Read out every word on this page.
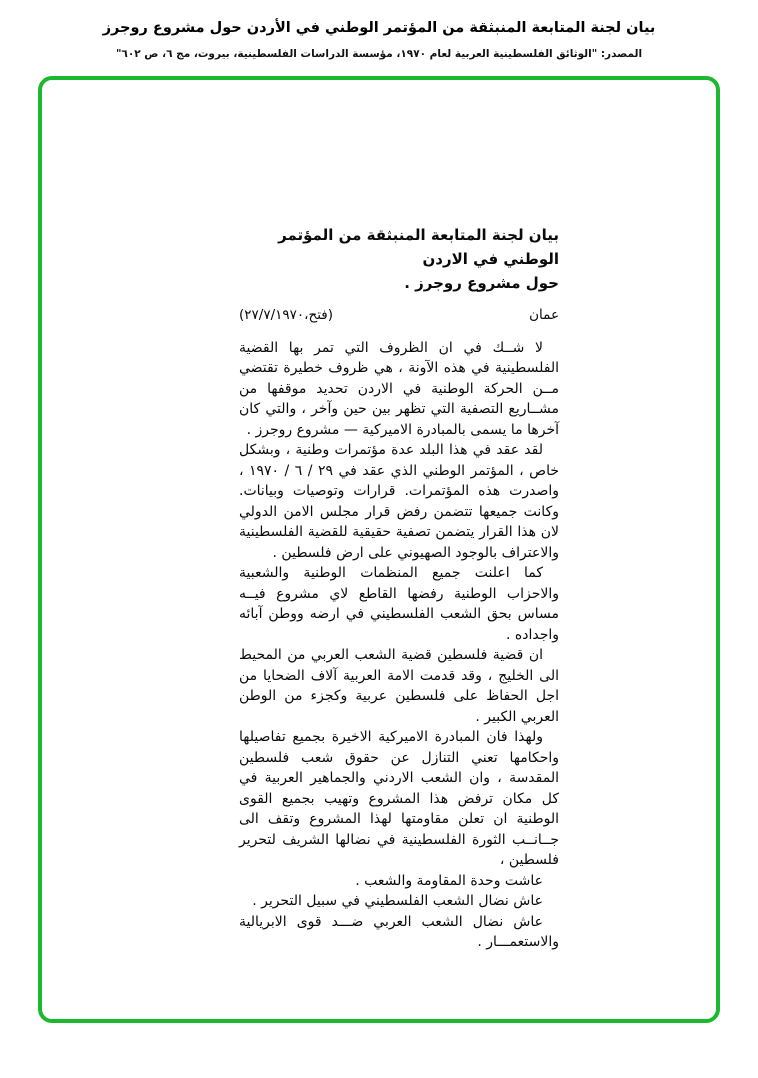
بيان لجنة المتابعة المنبثقة من المؤتمر الوطني في الأردن حول مشروع روجرز
المصدر: "الوثائق الفلسطينية العربية لعام ١٩٧٠، مؤسسة الدراسات الفلسطينية، بيروت، مج ٦، ص ٦٠٢"
بيان لجنة المتابعة المنبثقة من المؤتمر الوطني في الاردن
حول مشروع روجرز .
عمان
(فتح،٢٧/٧/١٩٧٠)

لا شــك في ان الظروف التي تمر بها القضية الفلسطينية في هذه الآونة ، هي ظروف خطيرة تقتضي مــن الحركة الوطنية في الاردن تحديد موقفها من مشــاريع التصفية التي تظهر بين حين وآخر ، والتي كان آخرها ما يسمى بالمبادرة الاميركية — مشروع روجرز .

لقد عقد في هذا البلد عدة مؤتمرات وطنية ، وبشكل خاص ، المؤتمر الوطني الذي عقد في ٢٩ / ٦ / ١٩٧٠ ، واصدرت هذه المؤتمرات. قرارات وتوصيات وبيانات. وكانت جميعها تتضمن رفض قرار مجلس الامن الدولي لان هذا القرار يتضمن تصفية حقيقية للقضية الفلسطينية والاعتراف بالوجود الصهيوني على ارض فلسطين .

كما اعلنت جميع المنظمات الوطنية والشعبية والاحزاب الوطنية رفضها القاطع لاي مشروع فيــه مساس بحق الشعب الفلسطيني في ارضه ووطن آبائه واجداده .

ان قضية فلسطين قضية الشعب العربي من المحيط الى الخليج ، وقد قدمت الامة العربية آلاف الضحايا من اجل الحفاظ على فلسطين عربية وكجزء من الوطن العربي الكبير .

ولهذا فان المبادرة الاميركية الاخيرة بجميع تفاصيلها واحكامها تعني التنازل عن حقوق شعب فلسطين المقدسة ، وان الشعب الاردني والجماهير العربية في كل مكان ترفض هذا المشروع وتهيب بجميع القوى الوطنية ان تعلن مقاومتها لهذا المشروع وتقف الى جــانــب الثورة الفلسطينية في نضالها الشريف لتحرير فلسطين ،

عاشت وحدة المقاومة والشعب .

عاش نضال الشعب الفلسطيني في سبيل التحرير .

عاش نضال الشعب العربي ضـــد قوى الابريالية والاستعمـــار .
